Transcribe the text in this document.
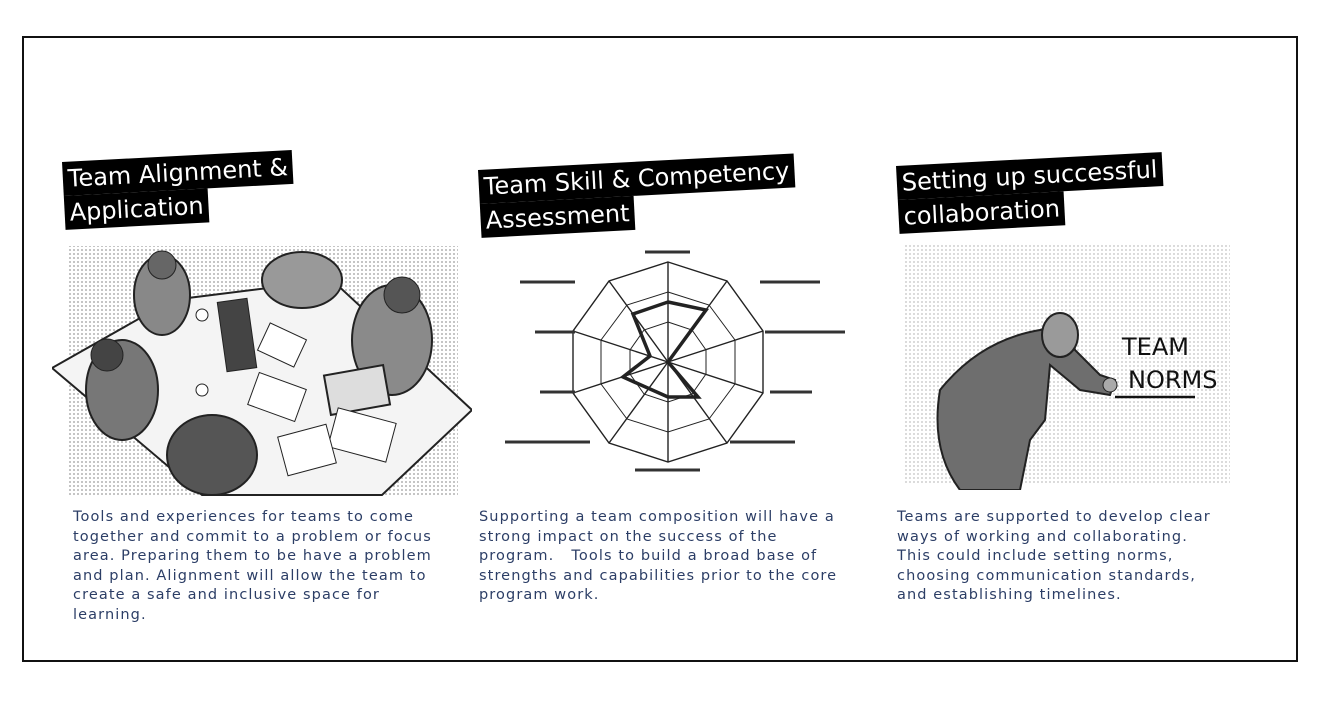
Team Alignment &
Application
Tools and experiences for teams to come
together and commit to a problem or focus
area. Preparing them to be have a problem
and plan. Alignment will allow the team to
create a safe and inclusive space for
learning.
Team Skill & Competency
Assessment
Supporting a team composition will have a
strong impact on the success of the
program.   Tools to build a broad base of
strengths and capabilities prior to the core
program work.
Setting up successful
collaboration
TEAM
NORMS
Teams are supported to develop clear
ways of working and collaborating.
This could include setting norms,
choosing communication standards,
and establishing timelines.
